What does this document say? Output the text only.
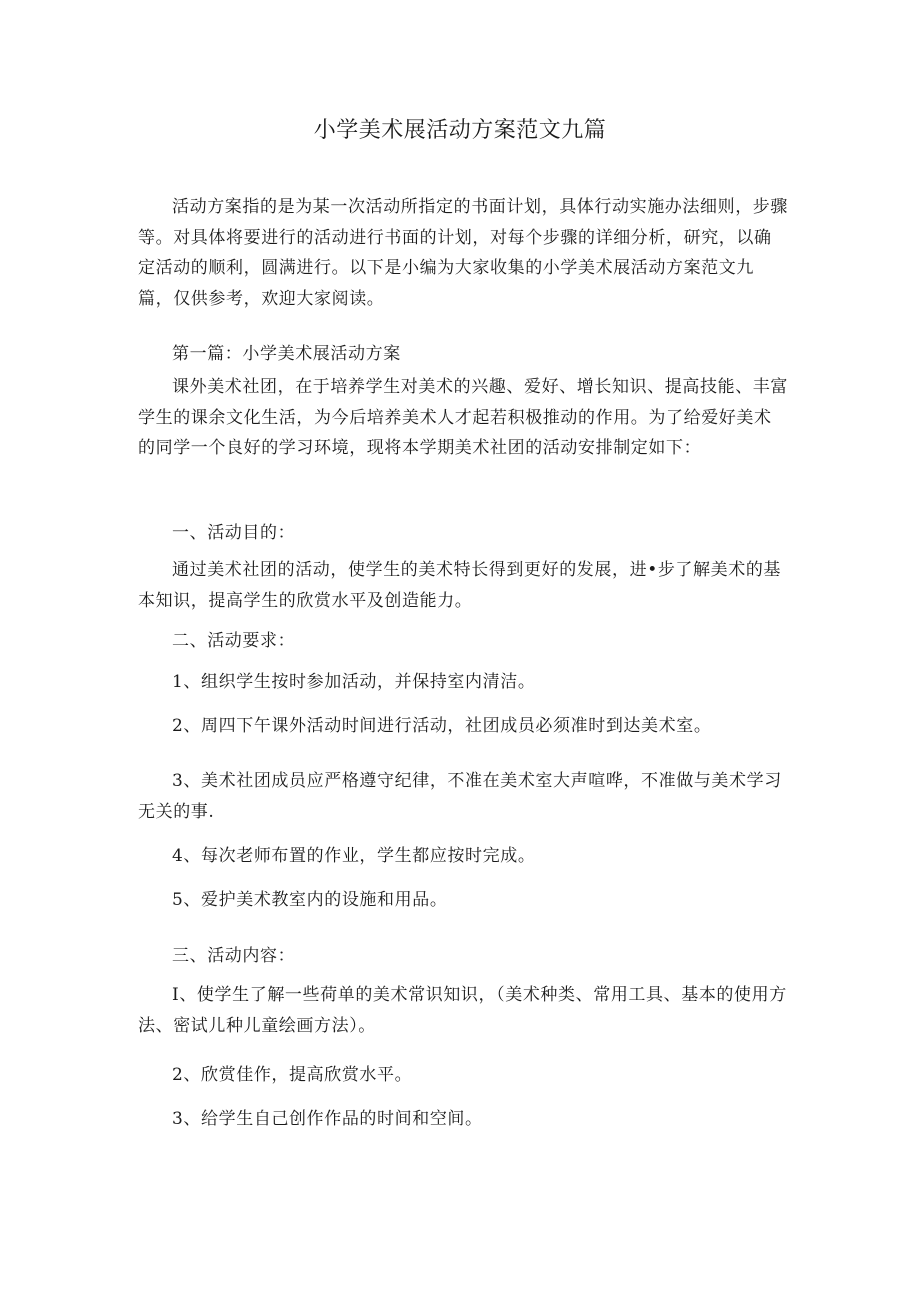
小学美术展活动方案范文九篇

活动方案指的是为某一次活动所指定的书面计划，具体行动实施办法细则，步骤等。对具体将要进行的活动进行书面的计划，对每个步骤的详细分析，研究，以确定活动的顺利，圆满进行。以下是小编为大家收集的小学美术展活动方案范文九篇，仅供参考，欢迎大家阅读。

第一篇：小学美术展活动方案

课外美术社团，在于培养学生对美术的兴趣、爱好、增长知识、提高技能、丰富学生的课余文化生活，为今后培养美术人才起若积极推动的作用。为了给爱好美术的同学一个良好的学习环境，现将本学期美术社团的活动安排制定如下：

一、活动目的：

通过美术社团的活动，使学生的美术特长得到更好的发展，进•步了解美术的基本知识，提高学生的欣赏水平及创造能力。

二、活动要求：

1、组织学生按时参加活动，并保持室内清洁。

2、周四下午课外活动时间进行活动，社团成员必须准时到达美术室。

3、美术社团成员应严格遵守纪律，不准在美术室大声喧哗，不准做与美术学习无关的事.

4、每次老师布置的作业，学生都应按时完成。

5、爱护美术教室内的设施和用品。

三、活动内容：

I、使学生了解一些荷单的美术常识知识，（美术种类、常用工具、基本的使用方法、密试儿种儿童绘画方法）。

2、欣赏佳作，提高欣赏水平。

3、给学生自己创作作品的时间和空间。
